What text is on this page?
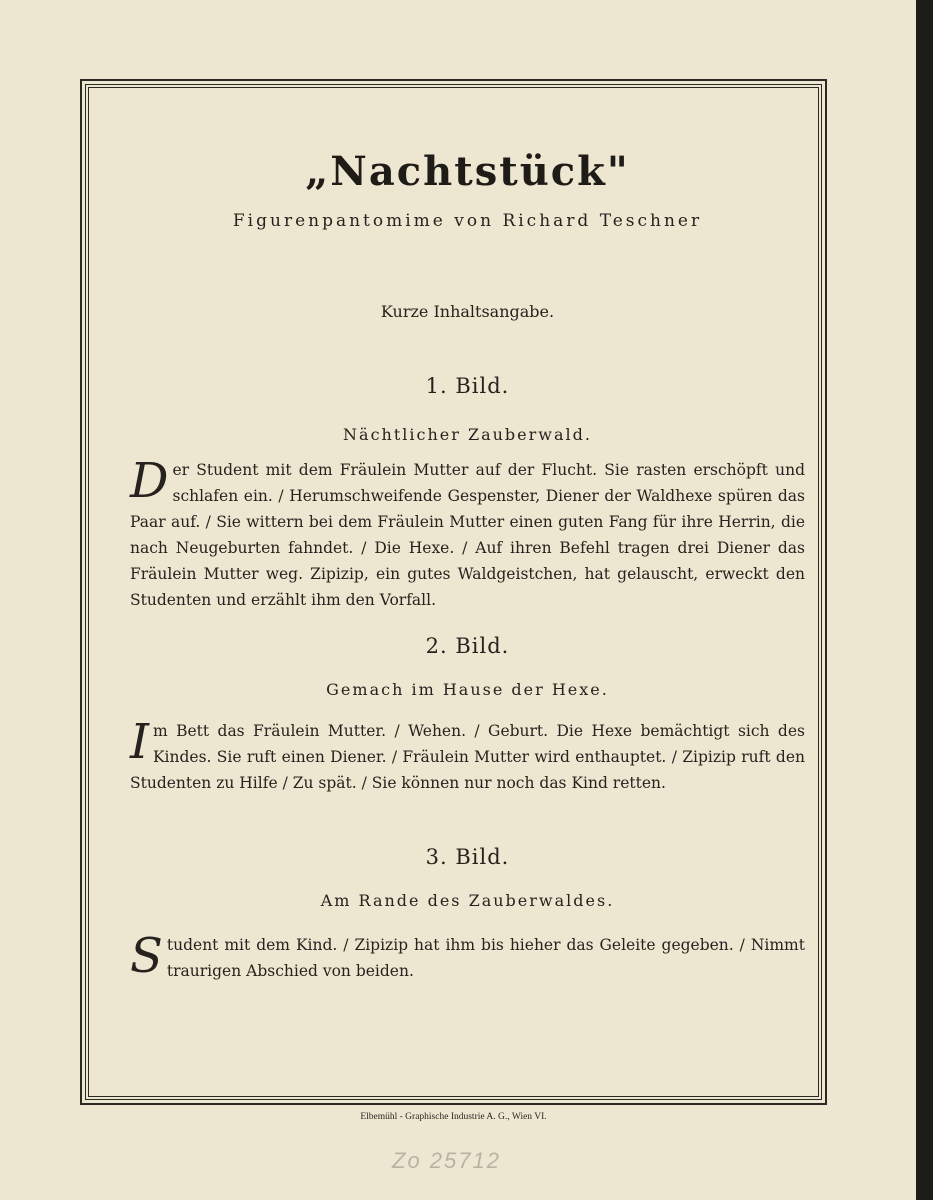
„Nachtstück"
Figurenpantomime von Richard Teschner
Kurze Inhaltsangabe.
1. Bild.
Nächtlicher Zauberwald.
Der Student mit dem Fräulein Mutter auf der Flucht. Sie rasten erschöpft und schlafen ein. / Herumschweifende Gespenster, Diener der Waldhexe spüren das Paar auf. / Sie wittern bei dem Fräulein Mutter einen guten Fang für ihre Herrin, die nach Neugeburten fahndet. / Die Hexe. / Auf ihren Befehl tragen drei Diener das Fräulein Mutter weg. Zipizip, ein gutes Waldgeistchen, hat gelauscht, erweckt den Studenten und erzählt ihm den Vorfall.
2. Bild.
Gemach im Hause der Hexe.
Im Bett das Fräulein Mutter. / Wehen. / Geburt. Die Hexe bemächtigt sich des Kindes. Sie ruft einen Diener. / Fräulein Mutter wird enthauptet. / Zipizip ruft den Studenten zu Hilfe / Zu spät. / Sie können nur noch das Kind retten.
3. Bild.
Am Rande des Zauberwaldes.
Student mit dem Kind. / Zipizip hat ihm bis hieher das Geleite gegeben. / Nimmt traurigen Abschied von beiden.
Elbemühl - Graphische Industrie A. G., Wien VI.
Zo 25712
